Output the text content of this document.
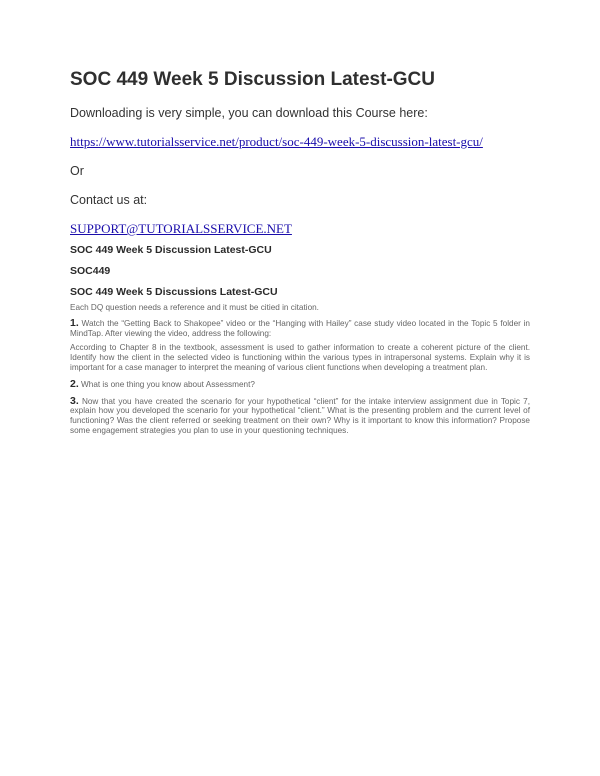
SOC 449 Week 5 Discussion Latest-GCU
Downloading is very simple, you can download this Course here:
https://www.tutorialsservice.net/product/soc-449-week-5-discussion-latest-gcu/
Or
Contact us at:
SUPPORT@TUTORIALSSERVICE.NET
SOC 449 Week 5 Discussion Latest-GCU
SOC449
SOC 449 Week 5 Discussions Latest-GCU
Each DQ question needs a reference and it must be citied in citation.
1. Watch the “Getting Back to Shakopee” video or the “Hanging with Hailey” case study video located in the Topic 5 folder in MindTap. After viewing the video, address the following:
According to Chapter 8 in the textbook, assessment is used to gather information to create a coherent picture of the client. Identify how the client in the selected video is functioning within the various types in intrapersonal systems. Explain why it is important for a case manager to interpret the meaning of various client functions when developing a treatment plan.
2. What is one thing you know about Assessment?
3. Now that you have created the scenario for your hypothetical “client” for the intake interview assignment due in Topic 7, explain how you developed the scenario for your hypothetical “client.” What is the presenting problem and the current level of functioning? Was the client referred or seeking treatment on their own? Why is it important to know this information? Propose some engagement strategies you plan to use in your questioning techniques.
